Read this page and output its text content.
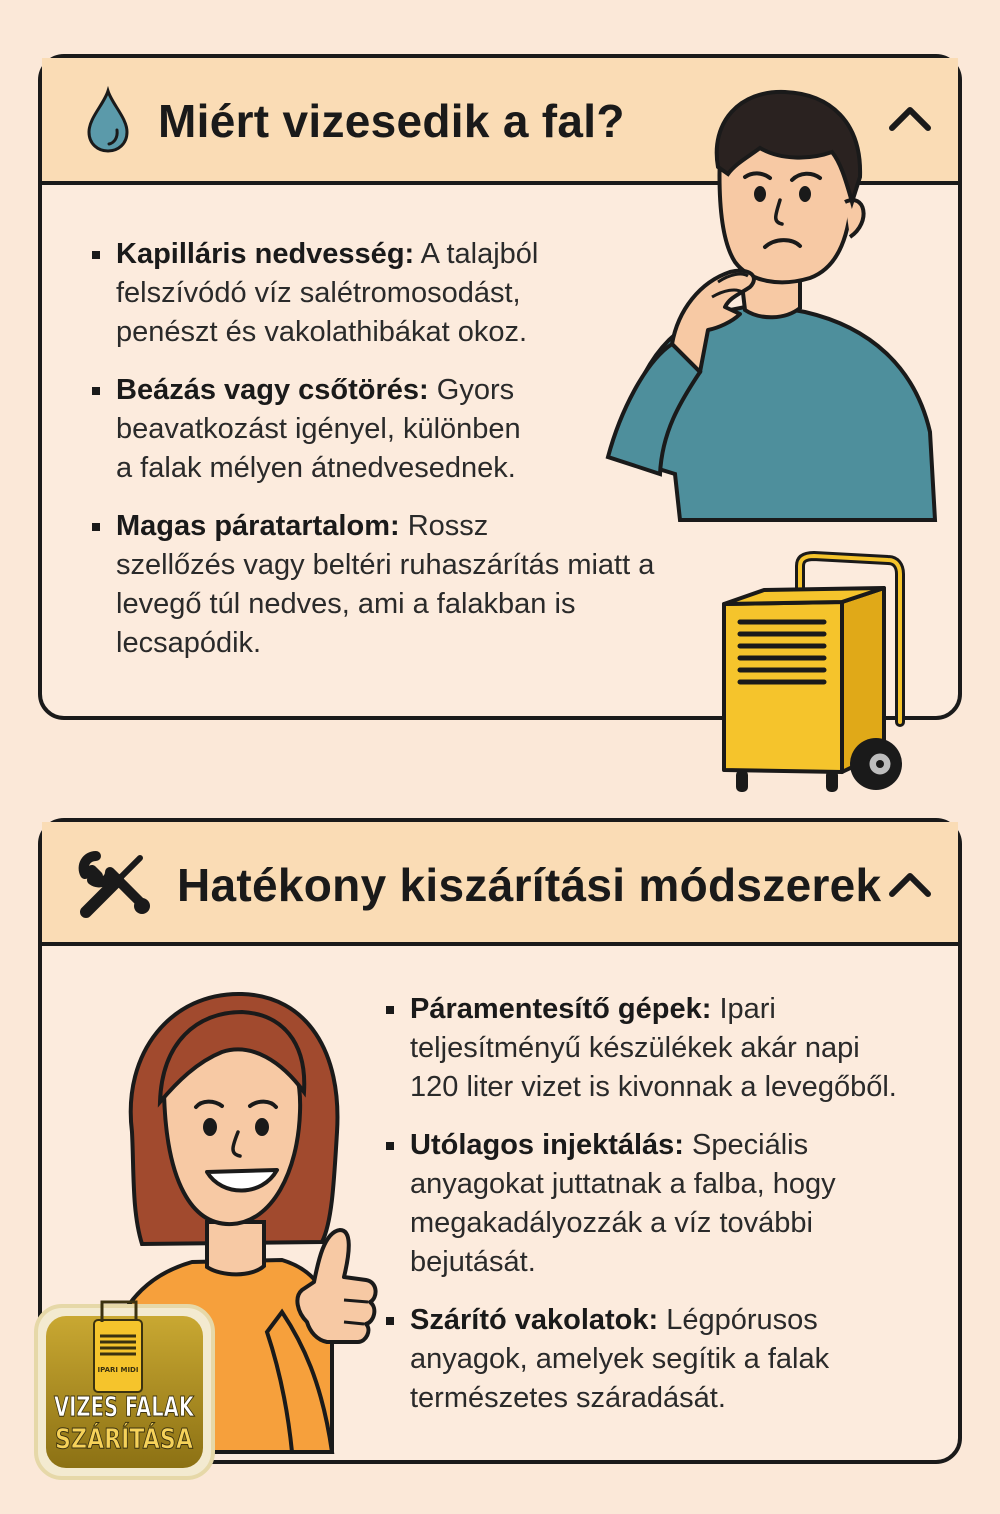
Miért vizesedik a fal?
Kapilláris nedvesség: A talajból
felszívódó víz salétromosodást,
penészt és vakolathibákat okoz.
Beázás vagy csőtörés: Gyors
beavatkozást igényel, különben
a falak mélyen átnedvesednek.
Magas páratartalom: Rossz
szellőzés vagy beltéri ruhaszárítás miatt a
levegő túl nedves, ami a falakban is
lecsapódik.
Hatékony kiszárítási módszerek
Páramentesítő gépek: Ipari
teljesítményű készülékek akár napi
120 liter vizet is kivonnak a levegőből.
Utólagos injektálás: Speciális
anyagokat juttatnak a falba, hogy
megakadályozzák a víz további
bejutását.
Szárító vakolatok: Légpórusos
anyagok, amelyek segítik a falak
természetes száradását.
IPARI MIDI
VIZES FALAK
SZÁRÍTÁSA
